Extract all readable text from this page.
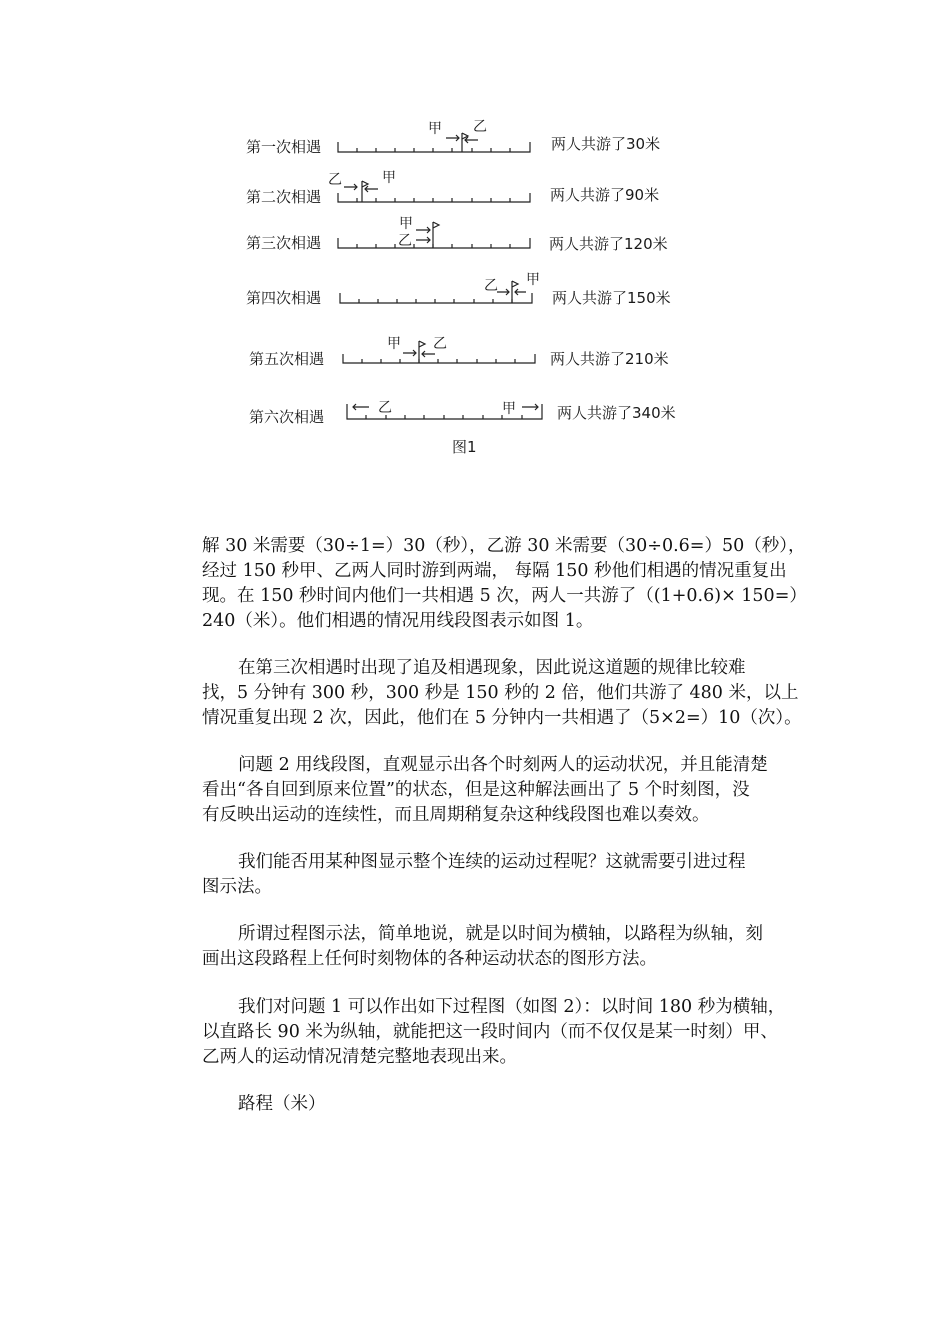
第一次相遇
甲 乙
两人共游了30米
第二次相遇
乙	甲
两人共游了90米
第三次相遇
甲
乙	两人共游了120米
第四次相遇
乙 甲
两人共游了150米
第五次相遇
甲 乙
两人共游了210米
第六次相遇	乙	甲	两人共游了340米
图1

解 30 米需要（30÷1=）30（秒），乙游 30 米需要（30÷0.6=）50（秒），
经过 150 秒甲、乙两人同时游到两端， 每隔 150 秒他们相遇的情况重复出
现。在 150 秒时间内他们一共相遇 5 次，两人一共游了（(1+0.6)× 150=）
240（米）。他们相遇的情况用线段图表示如图 1。

在第三次相遇时出现了追及相遇现象，因此说这道题的规律比较难
找，5 分钟有 300 秒，300 秒是 150 秒的 2 倍，他们共游了 480 米，以上
情况重复出现 2 次，因此，他们在 5 分钟内一共相遇了（5×2=）10（次）。

问题 2 用线段图，直观显示出各个时刻两人的运动状况，并且能清楚
看出“各自回到原来位置”的状态，但是这种解法画出了 5 个时刻图，没
有反映出运动的连续性，而且周期稍复杂这种线段图也难以奏效。

我们能否用某种图显示整个连续的运动过程呢？这就需要引进过程
图示法。

所谓过程图示法，简单地说，就是以时间为横轴，以路程为纵轴，刻
画出这段路程上任何时刻物体的各种运动状态的图形方法。

我们对问题 1 可以作出如下过程图（如图 2）：以时间 180 秒为横轴，
以直路长 90 米为纵轴，就能把这一段时间内（而不仅仅是某一时刻）甲、
乙两人的运动情况清楚完整地表现出来。

路程（米）
